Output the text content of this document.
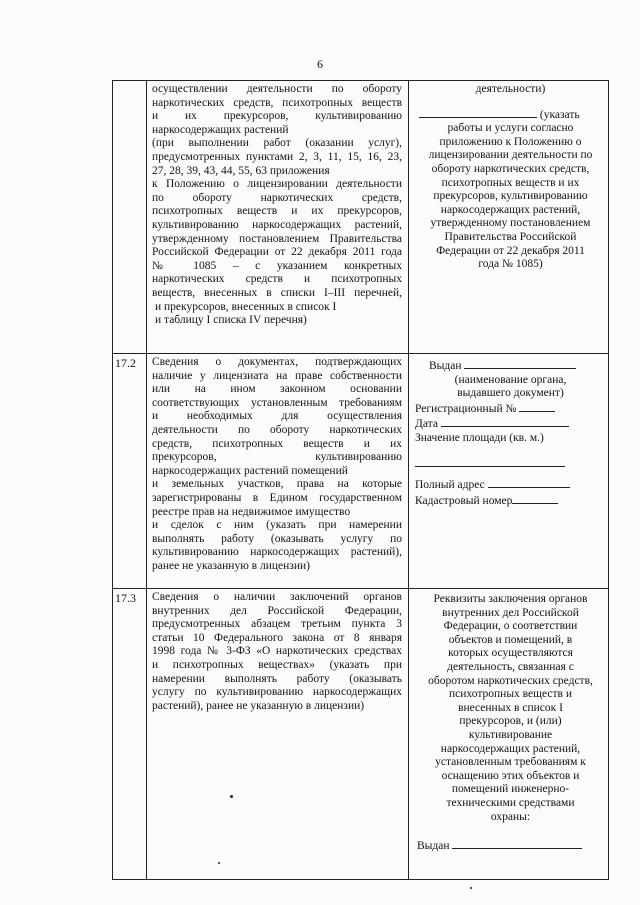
6
осуществлении деятельности по обороту
наркотических средств, психотропных веществ
и их прекурсоров, культивированию
наркосодержащих растений
(при выполнении работ (оказании услуг),
предусмотренных пунктами 2, 3, 11, 15, 16, 23,
27, 28, 39, 43, 44, 55, 63 приложения
к Положению о лицензировании деятельности
по обороту наркотических средств,
психотропных веществ и их прекурсоров,
культивированию наркосодержащих растений,
утвержденному постановлением Правительства
Российской Федерации от 22 декабря 2011 года
№ 1085 – с указанием конкретных
наркотических средств и психотропных
веществ, внесенных в списки I–III перечней,
и прекурсоров, внесенных в список I
и таблицу I списка IV перечня)
деятельности)
(указать
работы и услуги согласно
приложению к Положению о
лицензировании деятельности по
обороту наркотических средств,
психотропных веществ и их
прекурсоров, культивированию
наркосодержащих растений,
утвержденному постановлением
Правительства Российской
Федерации от 22 декабря 2011
года № 1085)
17.2	Сведения о документах, подтверждающих
наличие у лицензиата на праве собственности
или на ином законном основании
соответствующих установленным требованиям
и необходимых для осуществления
деятельности по обороту наркотических
средств, психотропных веществ и их
прекурсоров, культивированию
наркосодержащих растений помещений
и земельных участков, права на которые
зарегистрированы в Едином государственном
реестре прав на недвижимое имущество
и сделок с ним (указать при намерении
выполнять работу (оказывать услугу по
культивированию наркосодержащих растений),
ранее не указанную в лицензии)
Выдан
(наименование органа,
выдавшего документ)
Регистрационный №
Дата
Значение площади (кв. м.)
Полный адрес
Кадастровый номер
17.3	Сведения о наличии заключений органов
внутренних дел Российской Федерации,
предусмотренных абзацем третьим пункта 3
статьи 10 Федерального закона от 8 января
1998 года № 3-ФЗ «О наркотических средствах
и психотропных веществах» (указать при
намерении выполнять работу (оказывать
услугу по культивированию наркосодержащих
растений), ранее не указанную в лицензии)
Реквизиты заключения органов
внутренних дел Российской
Федерации, о соответствии
объектов и помещений, в
которых осуществляются
деятельность, связанная с
оборотом наркотических средств,
психотропных веществ и
внесенных в список I
прекурсоров, и (или)
культивирование
наркосодержащих растений,
установленным требованиям к
оснащению этих объектов и
помещений инженерно-
техническими средствами
охраны:
Выдан
